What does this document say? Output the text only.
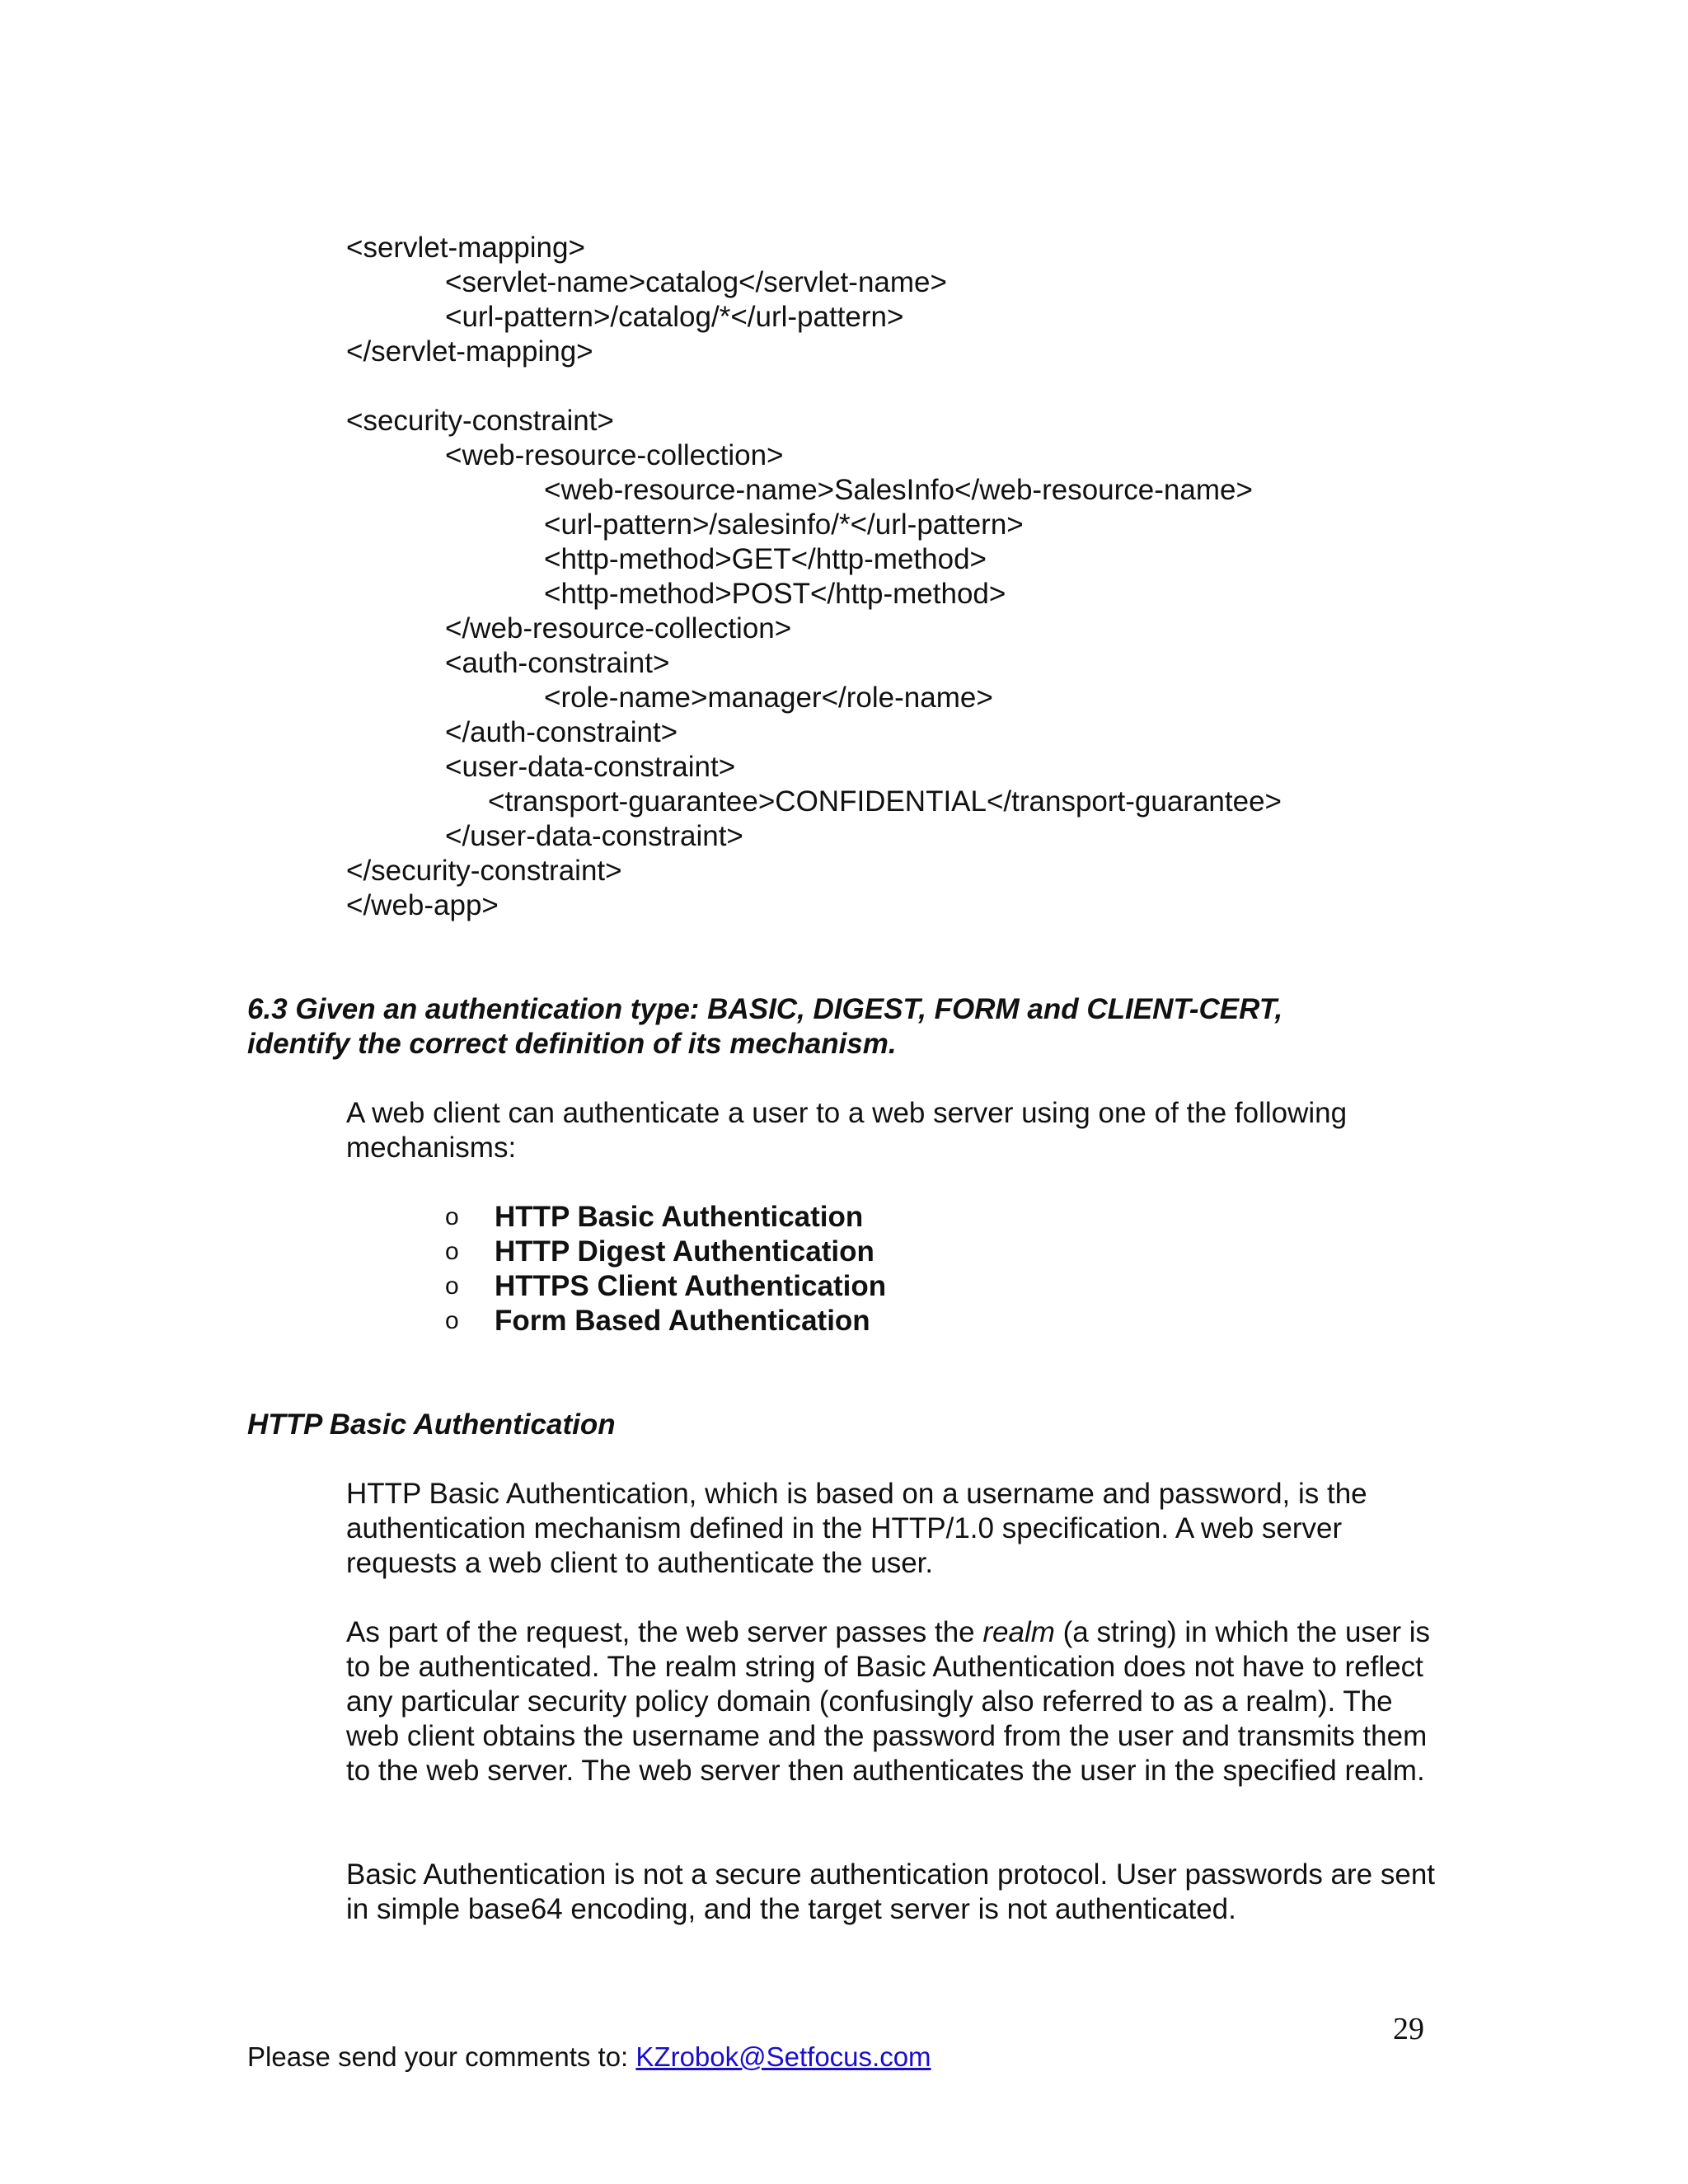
<servlet-mapping>
<servlet-name>catalog</servlet-name>
<url-pattern>/catalog/*</url-pattern>
</servlet-mapping>
<security-constraint>
<web-resource-collection>
<web-resource-name>SalesInfo</web-resource-name>
<url-pattern>/salesinfo/*</url-pattern>
<http-method>GET</http-method>
<http-method>POST</http-method>
</web-resource-collection>
<auth-constraint>
<role-name>manager</role-name>
</auth-constraint>
<user-data-constraint>
<transport-guarantee>CONFIDENTIAL</transport-guarantee>
</user-data-constraint>
</security-constraint>
</web-app>
6.3 Given an authentication type: BASIC, DIGEST, FORM and CLIENT-CERT,
identify the correct definition of its mechanism.

A web client can authenticate a user to a web server using one of the following mechanisms:

o HTTP Basic Authentication
o HTTP Digest Authentication
o HTTPS Client Authentication
o Form Based Authentication
HTTP Basic Authentication

HTTP Basic Authentication, which is based on a username and password, is the authentication mechanism defined in the HTTP/1.0 specification. A web server requests a web client to authenticate the user.

As part of the request, the web server passes the realm (a string) in which the user is to be authenticated. The realm string of Basic Authentication does not have to reflect any particular security policy domain (confusingly also referred to as a realm). The web client obtains the username and the password from the user and transmits them to the web server. The web server then authenticates the user in the specified realm.

Basic Authentication is not a secure authentication protocol. User passwords are sent in simple base64 encoding, and the target server is not authenticated.

29
Please send your comments to: KZrobok@Setfocus.com
